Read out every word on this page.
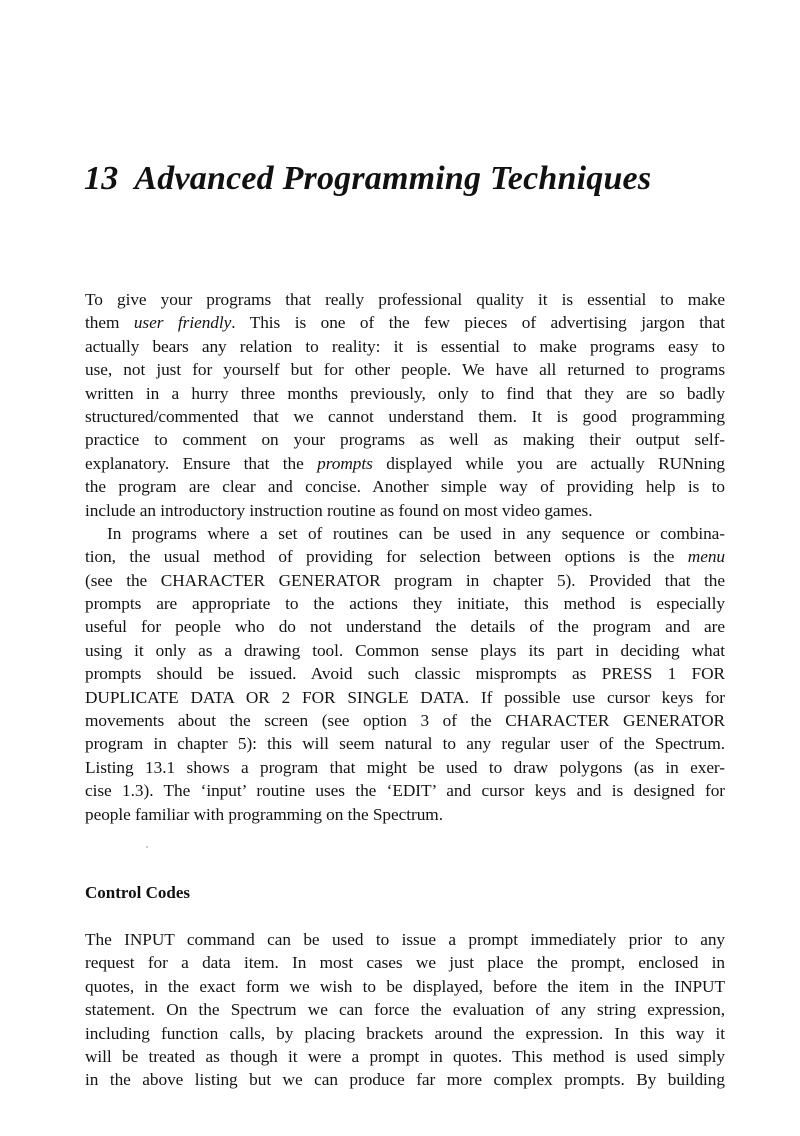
13 Advanced Programming Techniques
To give your programs that really professional quality it is essential to make
them user friendly. This is one of the few pieces of advertising jargon that
actually bears any relation to reality: it is essential to make programs easy to
use, not just for yourself but for other people. We have all returned to programs
written in a hurry three months previously, only to find that they are so badly
structured/commented that we cannot understand them. It is good programming
practice to comment on your programs as well as making their output self-
explanatory. Ensure that the prompts displayed while you are actually RUNning
the program are clear and concise. Another simple way of providing help is to
include an introductory instruction routine as found on most video games.
In programs where a set of routines can be used in any sequence or combina-
tion, the usual method of providing for selection between options is the menu
(see the CHARACTER GENERATOR program in chapter 5). Provided that the
prompts are appropriate to the actions they initiate, this method is especially
useful for people who do not understand the details of the program and are
using it only as a drawing tool. Common sense plays its part in deciding what
prompts should be issued. Avoid such classic misprompts as PRESS 1 FOR
DUPLICATE DATA OR 2 FOR SINGLE DATA. If possible use cursor keys for
movements about the screen (see option 3 of the CHARACTER GENERATOR
program in chapter 5): this will seem natural to any regular user of the Spectrum.
Listing 13.1 shows a program that might be used to draw polygons (as in exer-
cise 1.3). The ‘input’ routine uses the ‘EDIT’ and cursor keys and is designed for
people familiar with programming on the Spectrum.
Control Codes
The INPUT command can be used to issue a prompt immediately prior to any
request for a data item. In most cases we just place the prompt, enclosed in
quotes, in the exact form we wish to be displayed, before the item in the INPUT
statement. On the Spectrum we can force the evaluation of any string expression,
including function calls, by placing brackets around the expression. In this way it
will be treated as though it were a prompt in quotes. This method is used simply
in the above listing but we can produce far more complex prompts. By building
